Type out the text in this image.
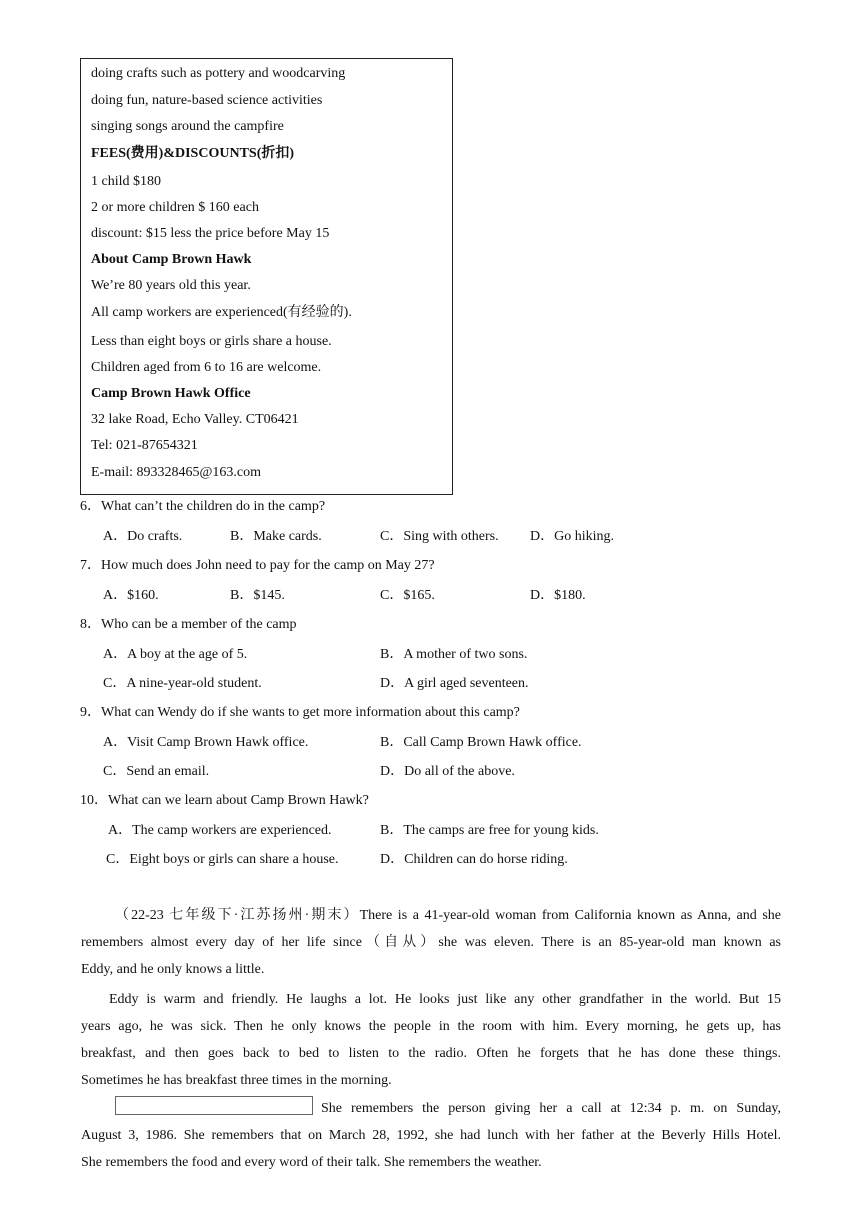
doing crafts such as pottery and woodcarving
doing fun, nature-based science activities
singing songs around the campfire
FEES(费用)&DISCOUNTS(折扣)
1 child $180
2 or more children $ 160 each
discount: $15 less the price before May 15
About Camp Brown Hawk
We’re 80 years old this year.
All camp workers are experienced(有经验的).
Less than eight boys or girls share a house.
Children aged from 6 to 16 are welcome.
Camp Brown Hawk Office
32 lake Road, Echo Valley. CT06421
Tel: 021-87654321
E-mail: 893328465@163.com
6．What can’t the children do in the camp?
A．Do crafts.	B．Make cards.	C．Sing with others. D．Go hiking.
7．How much does John need to pay for the camp on May 27?
A．$160.	B．$145.	C．$165.	D．$180.
8．Who can be a member of the camp
A．A boy at the age of 5.	B．A mother of two sons.
C．A nine-year-old student.	D．A girl aged seventeen.
9．What can Wendy do if she wants to get more information about this camp?
A．Visit Camp Brown Hawk office.	B．Call Camp Brown Hawk office.
C．Send an email.	D．Do all of the above.
10．What can we learn about Camp Brown Hawk?
A．The camp workers are experienced.	B．The camps are free for young kids.
C．Eight boys or girls can share a house.	D．Children can do horse riding.
（22-23 七年级下·江苏扬州·期末）There is a 41-year-old woman from California known as Anna, and she
remembers almost every day of her life since（自从）she was eleven. There is an 85-year-old man known as
Eddy, and he only knows a little.
Eddy is warm and friendly. He laughs a lot. He looks just like any other grandfather in the world. But 15
years ago, he was sick. Then he only knows the people in the room with him. Every morning, he gets up, has
breakfast, and then goes back to bed to listen to the radio. Often he forgets that he has done these things.
Sometimes he has breakfast three times in the morning.
She remembers the person giving her a call at 12:34 p. m. on Sunday,
August 3, 1986. She remembers that on March 28, 1992, she had lunch with her father at the Beverly Hills Hotel.
She remembers the food and every word of their talk. She remembers the weather.
